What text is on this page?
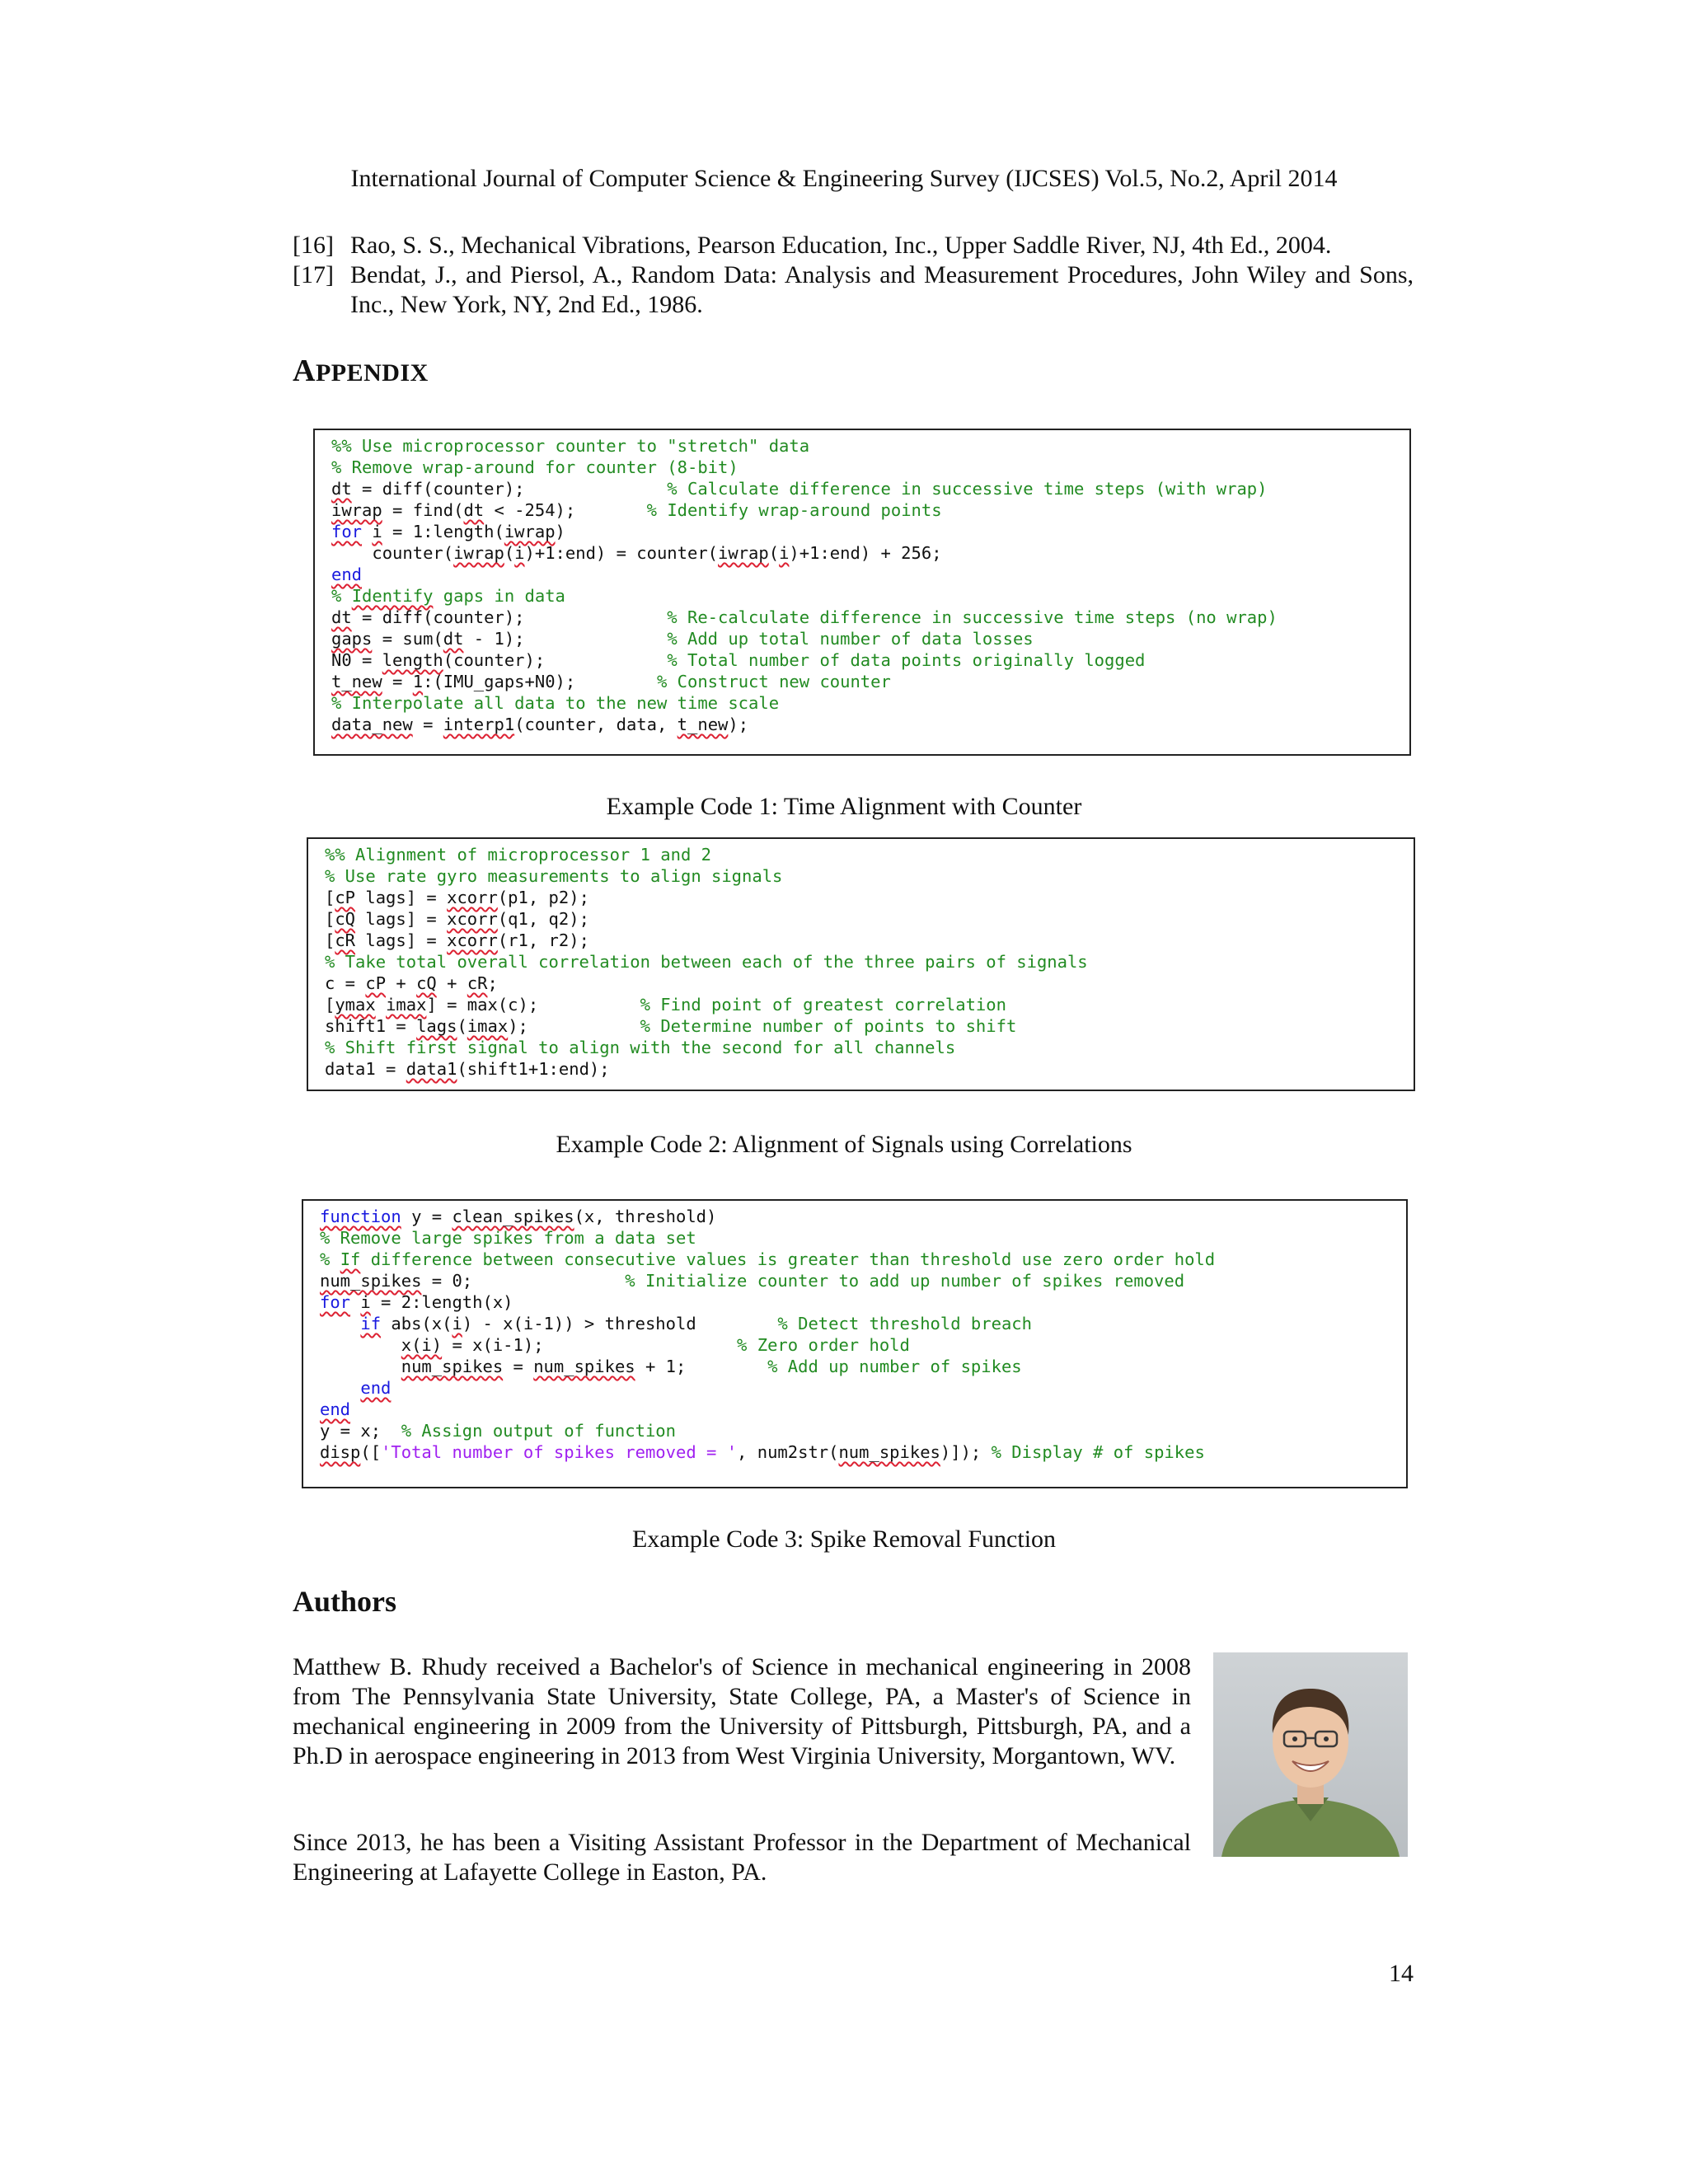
International Journal of Computer Science & Engineering Survey (IJCSES) Vol.5, No.2, April 2014
[16] Rao, S. S., Mechanical Vibrations, Pearson Education, Inc., Upper Saddle River, NJ, 4th Ed., 2004.
[17] Bendat, J., and Piersol, A., Random Data: Analysis and Measurement Procedures, John Wiley and Sons, Inc., New York, NY, 2nd Ed., 1986.
APPENDIX
%% Use microprocessor counter to "stretch" data
% Remove wrap-around for counter (8-bit)
dt = diff(counter);              % Calculate difference in successive time steps (with wrap)
iwrap = find(dt < -254);       % Identify wrap-around points
for i = 1:length(iwrap)
counter(iwrap(i)+1:end) = counter(iwrap(i)+1:end) + 256;
end
% Identify gaps in data
dt = diff(counter);              % Re-calculate difference in successive time steps (no wrap)
gaps = sum(dt - 1);              % Add up total number of data losses
N0 = length(counter);            % Total number of data points originally logged
t_new = 1:(IMU_gaps+N0);        % Construct new counter
% Interpolate all data to the new time scale
data_new = interp1(counter, data, t_new);
Example Code 1: Time Alignment with Counter
%% Alignment of microprocessor 1 and 2
% Use rate gyro measurements to align signals
[cP lags] = xcorr(p1, p2);
[cQ lags] = xcorr(q1, q2);
[cR lags] = xcorr(r1, r2);
% Take total overall correlation between each of the three pairs of signals
c = cP + cQ + cR;
[ymax imax] = max(c);          % Find point of greatest correlation
shift1 = lags(imax);           % Determine number of points to shift
% Shift first signal to align with the second for all channels
data1 = data1(shift1+1:end);
Example Code 2: Alignment of Signals using Correlations
function y = clean_spikes(x, threshold)
% Remove large spikes from a data set
% If difference between consecutive values is greater than threshold use zero order hold
num_spikes = 0;               % Initialize counter to add up number of spikes removed
for i = 2:length(x)
if abs(x(i) - x(i-1)) > threshold        % Detect threshold breach
x(i) = x(i-1);                   % Zero order hold
num_spikes = num_spikes + 1;        % Add up number of spikes
end
end
y = x;  % Assign output of function
disp(['Total number of spikes removed = ', num2str(num_spikes)]); % Display # of spikes
Example Code 3: Spike Removal Function
Authors
Matthew B. Rhudy received a Bachelor's of Science in mechanical engineering in 2008 from The Pennsylvania State University, State College, PA, a Master's of Science in mechanical engineering in 2009 from the University of Pittsburgh, Pittsburgh, PA, and a Ph.D in aerospace engineering in 2013 from West Virginia University, Morgantown, WV.
Since 2013, he has been a Visiting Assistant Professor in the Department of Mechanical Engineering at Lafayette College in Easton, PA.
14
